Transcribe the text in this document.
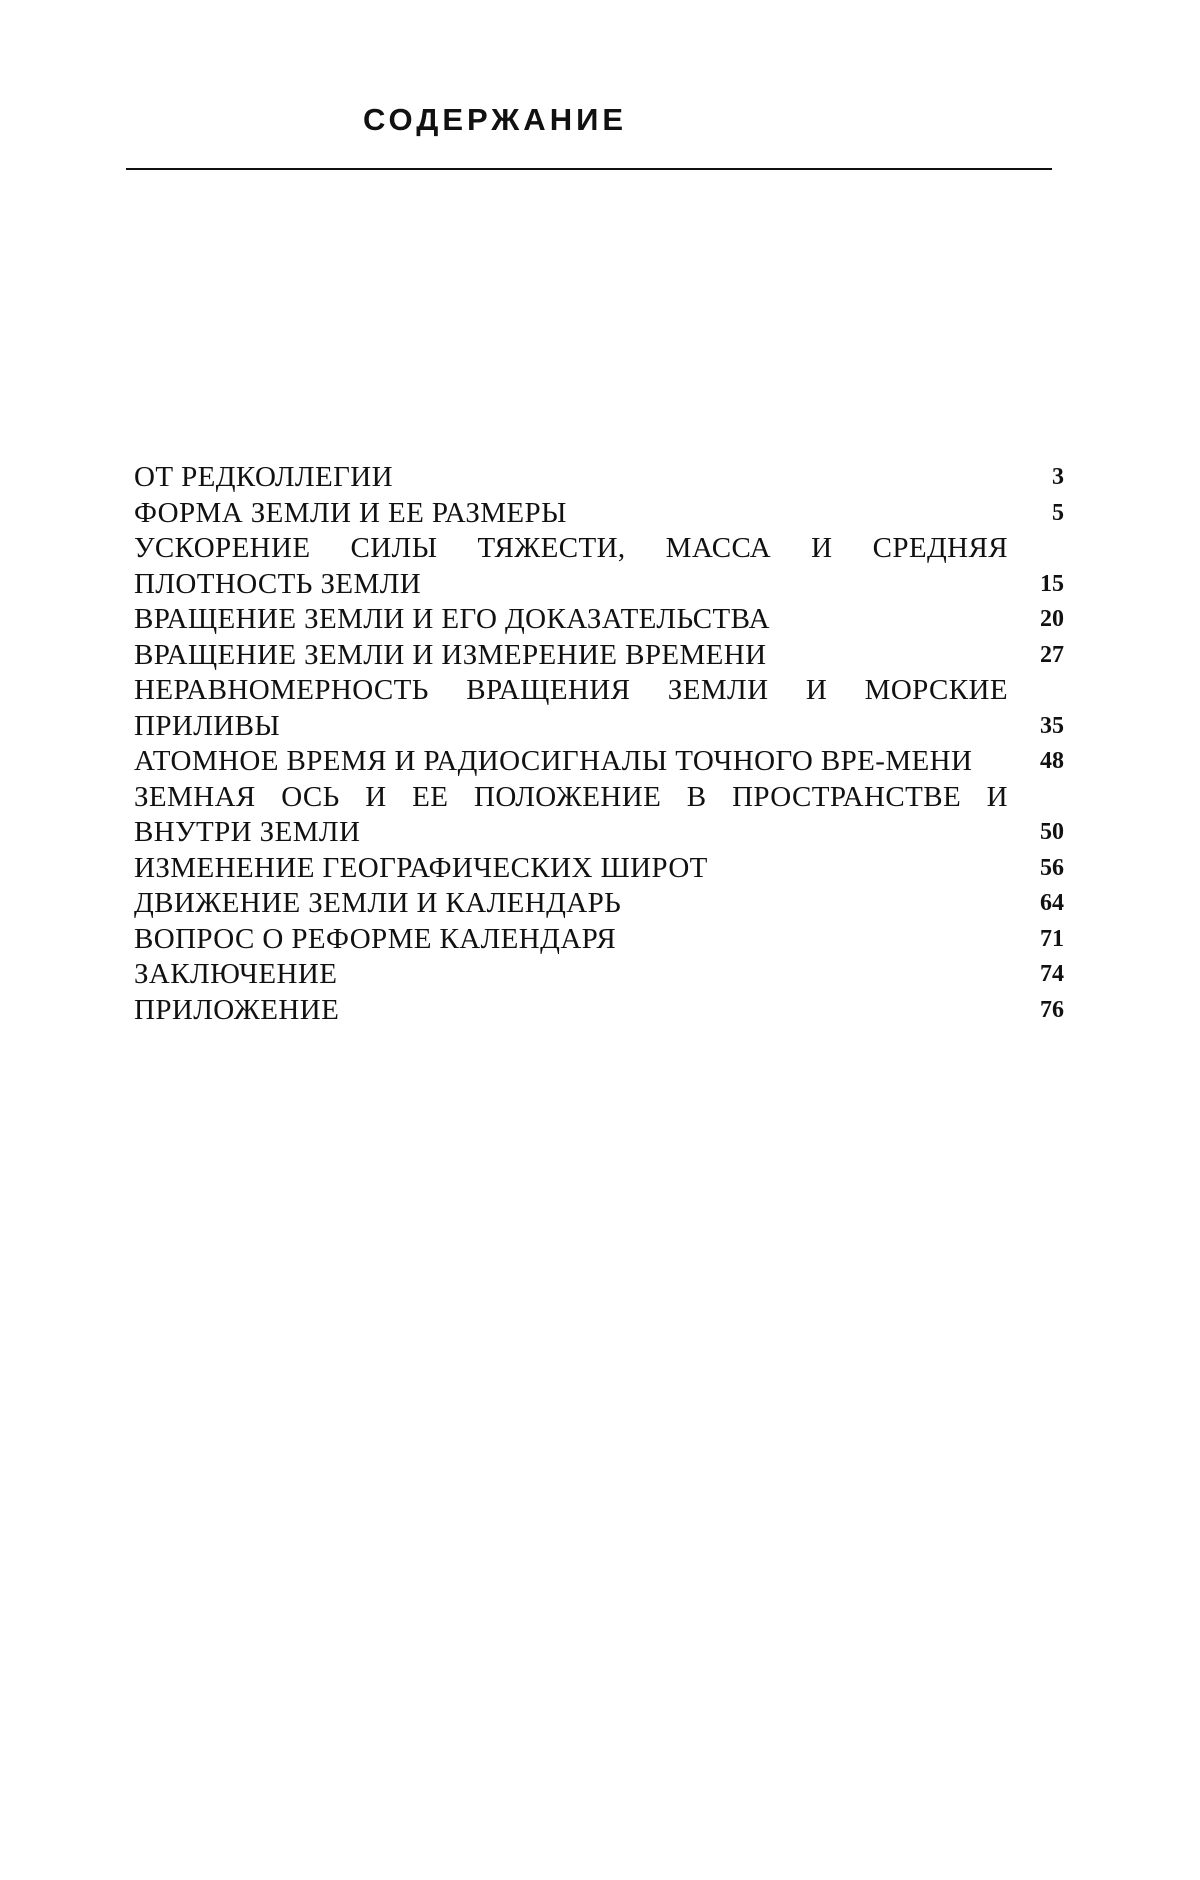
СОДЕРЖАНИЕ
ОТ РЕДКОЛЛЕГИИ	3
ФОРМА ЗЕМЛИ И ЕЕ РАЗМЕРЫ	5
УСКОРЕНИЕ СИЛЫ ТЯЖЕСТИ, МАССА И СРЕДНЯЯ ПЛОТНОСТЬ ЗЕМЛИ	15
ВРАЩЕНИЕ ЗЕМЛИ И ЕГО ДОКАЗАТЕЛЬСТВА	20
ВРАЩЕНИЕ ЗЕМЛИ И ИЗМЕРЕНИЕ ВРЕМЕНИ	27
НЕРАВНОМЕРНОСТЬ ВРАЩЕНИЯ ЗЕМЛИ И МОРСКИЕ ПРИЛИВЫ	35
АТОМНОЕ ВРЕМЯ И РАДИОСИГНАЛЫ ТОЧНОГО ВРЕ-МЕНИ	48
ЗЕМНАЯ ОСЬ И ЕЕ ПОЛОЖЕНИЕ В ПРОСТРАНСТВЕ И ВНУТРИ ЗЕМЛИ	50
ИЗМЕНЕНИЕ ГЕОГРАФИЧЕСКИХ ШИРОТ	56
ДВИЖЕНИЕ ЗЕМЛИ И КАЛЕНДАРЬ	64
ВОПРОС О РЕФОРМЕ КАЛЕНДАРЯ	71
ЗАКЛЮЧЕНИЕ	74
ПРИЛОЖЕНИЕ	76
